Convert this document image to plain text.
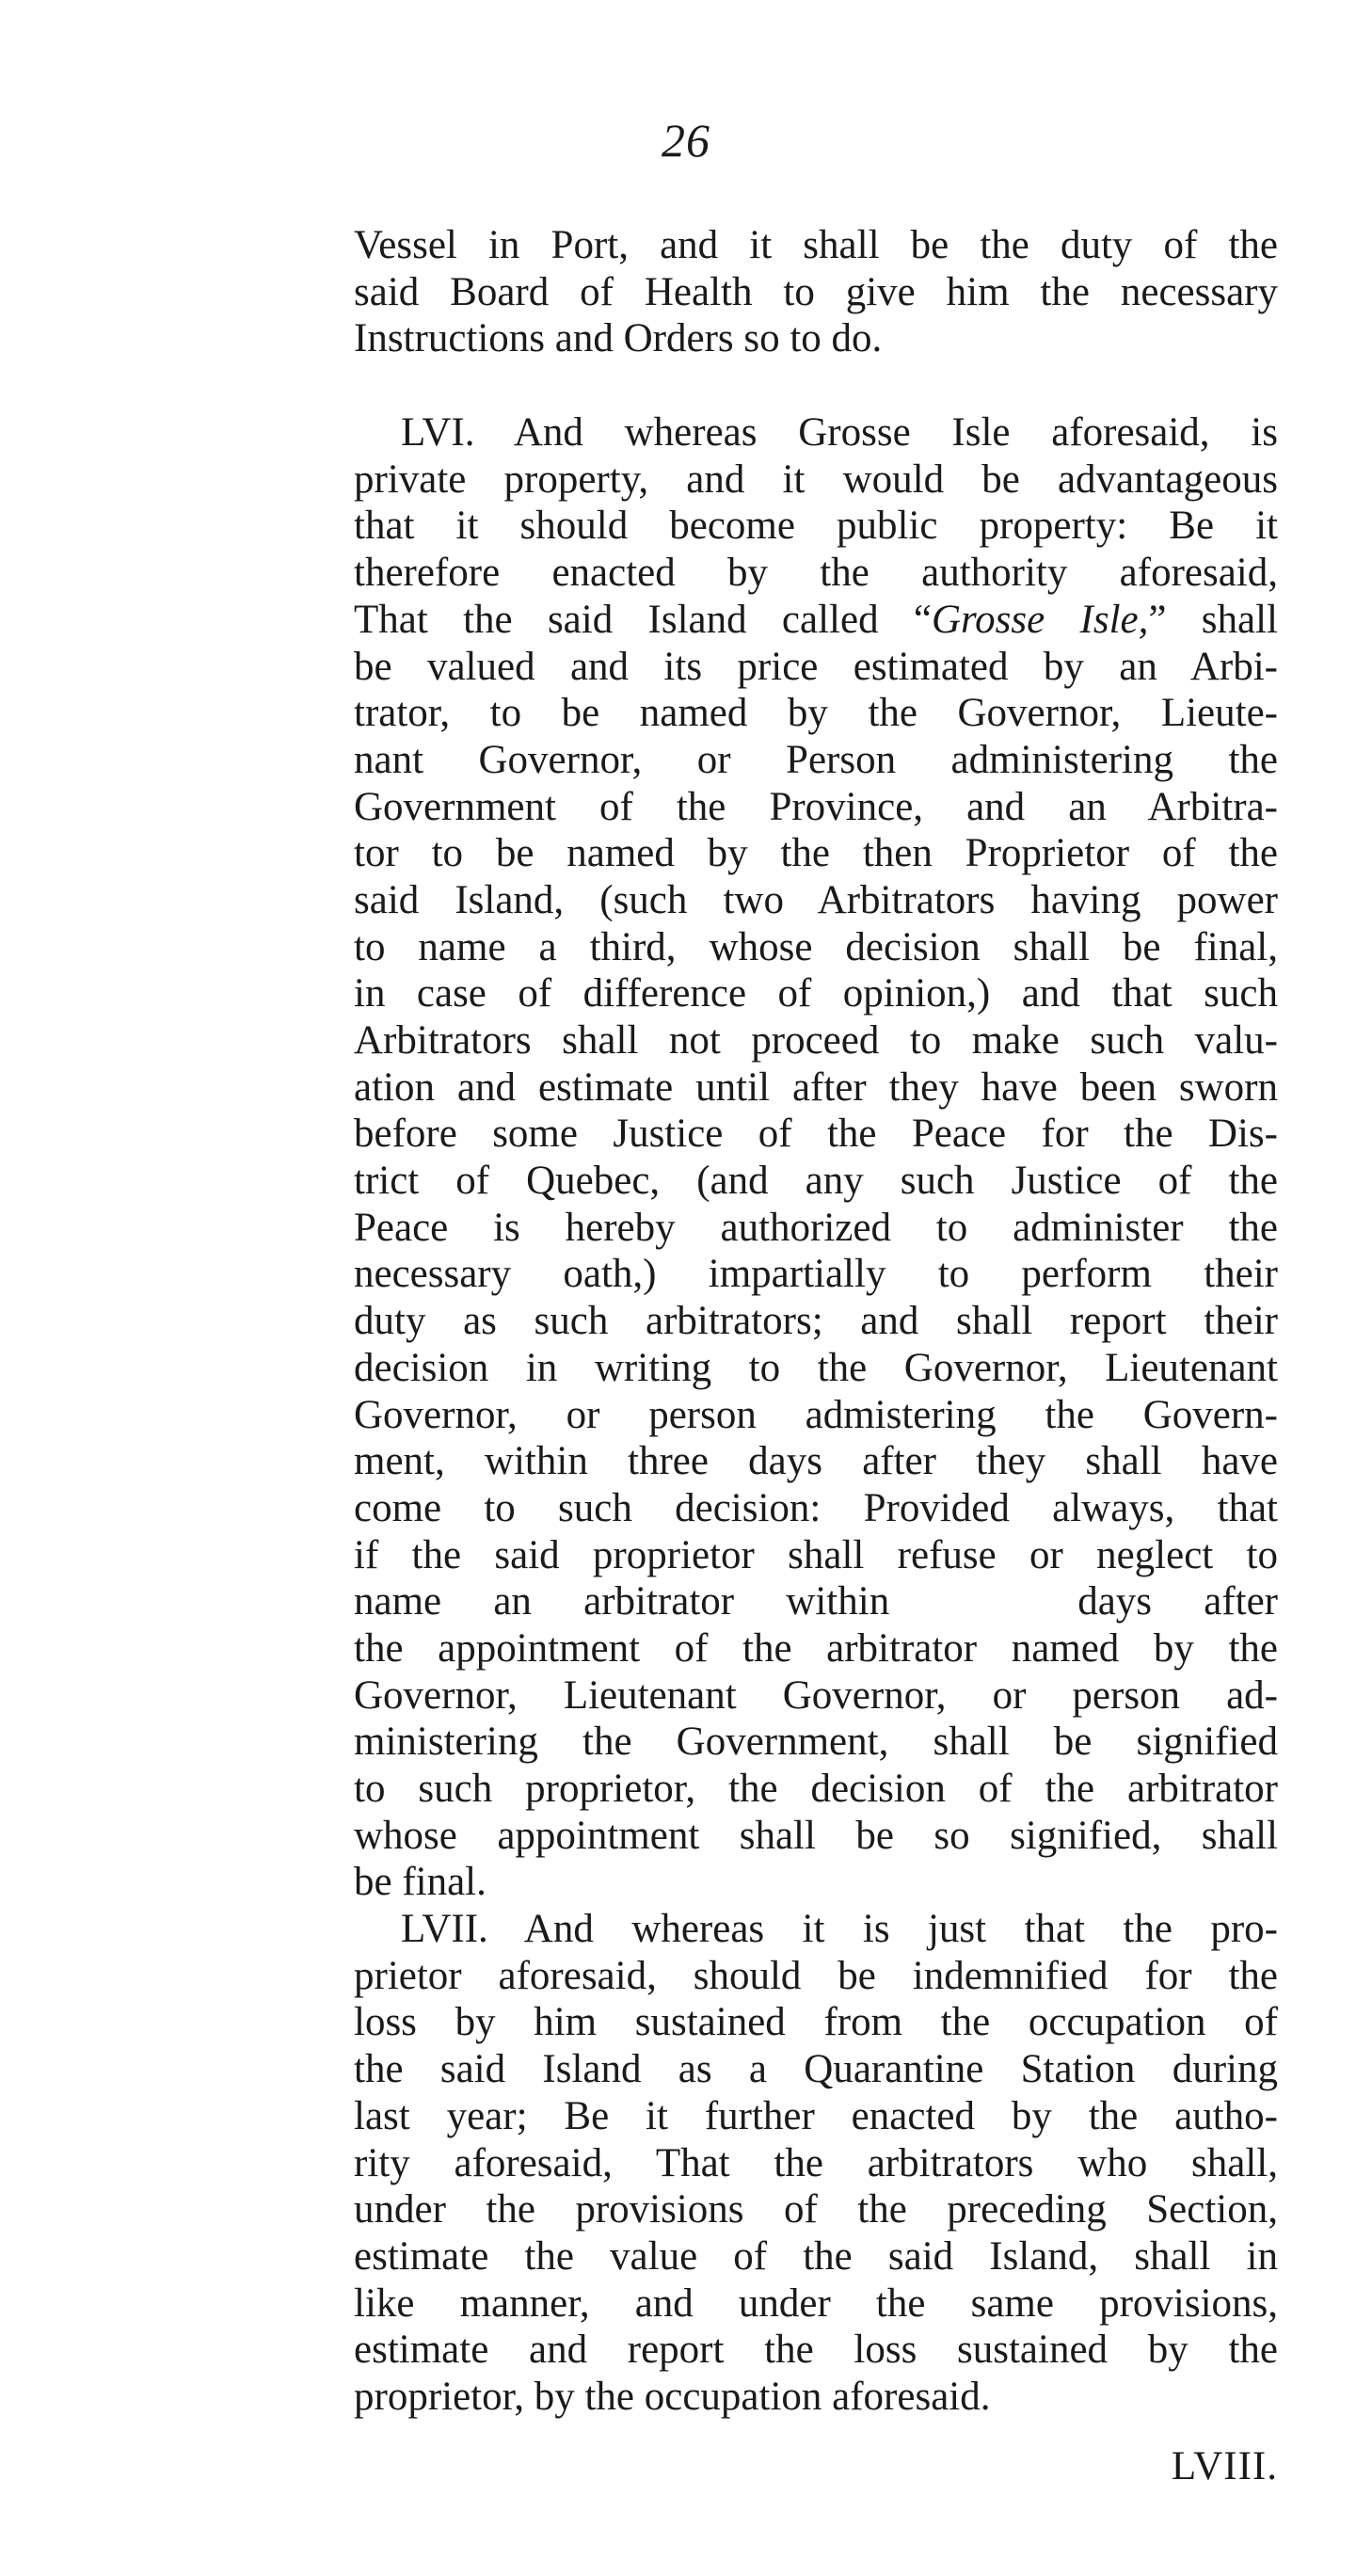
26
Vessel in Port, and it shall be the duty of the
said Board of Health to give him the necessary
Instructions and Orders so to do.
LVI. And whereas Grosse Isle aforesaid, is
private property, and it would be advantageous
that it should become public property: Be it
therefore enacted by the authority aforesaid,
That the said Island called “Grosse Isle,” shall
be valued and its price estimated by an Arbi-
trator, to be named by the Governor, Lieute-
nant Governor, or Person administering the
Government of the Province, and an Arbitra-
tor to be named by the then Proprietor of the
said Island, (such two Arbitrators having power
to name a third, whose decision shall be final,
in case of difference of opinion,) and that such
Arbitrators shall not proceed to make such valu-
ation and estimate until after they have been sworn
before some Justice of the Peace for the Dis-
trict of Quebec, (and any such Justice of the
Peace is hereby authorized to administer the
necessary oath,) impartially to perform their
duty as such arbitrators; and shall report their
decision in writing to the Governor, Lieutenant
Governor, or person admistering the Govern-
ment, within three days after they shall have
come to such decision: Provided always, that
if the said proprietor shall refuse or neglect to
name an arbitrator within	days after
the appointment of the arbitrator named by the
Governor, Lieutenant Governor, or person ad-
ministering the Government, shall be signified
to such proprietor, the decision of the arbitrator
whose appointment shall be so signified, shall
be final.
LVII. And whereas it is just that the pro-
prietor aforesaid, should be indemnified for the
loss by him sustained from the occupation of
the said Island as a Quarantine Station during
last year; Be it further enacted by the autho-
rity aforesaid, That the arbitrators who shall,
under the provisions of the preceding Section,
estimate the value of the said Island, shall in
like manner, and under the same provisions,
estimate and report the loss sustained by the
proprietor, by the occupation aforesaid.
LVIII.
